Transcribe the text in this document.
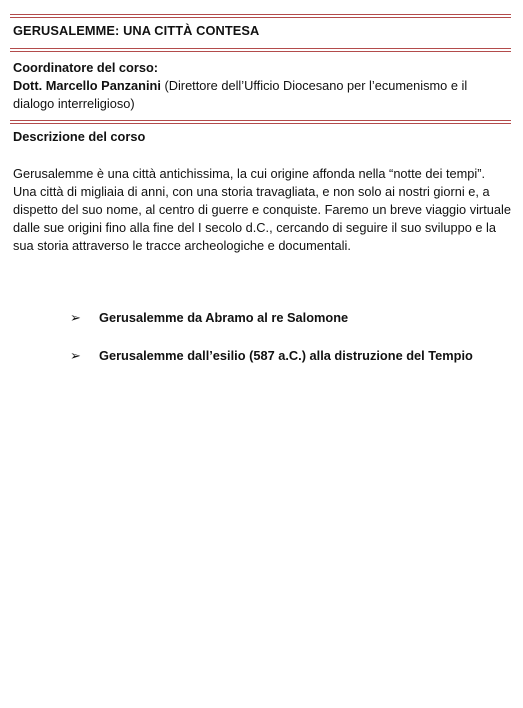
GERUSALEMME: UNA CITTÀ CONTESA
Coordinatore del corso:
Dott. Marcello Panzanini (Direttore dell’Ufficio Diocesano per l’ecumenismo e il dialogo interreligioso)
Descrizione del corso
Gerusalemme è una città antichissima, la cui origine affonda nella “notte dei tempi”. Una città di migliaia di anni, con una storia travagliata, e non solo ai nostri giorni e, a dispetto del suo nome, al centro di guerre e conquiste. Faremo un breve viaggio virtuale dalle sue origini fino alla fine del I secolo d.C., cercando di seguire il suo sviluppo e la sua storia attraverso le tracce archeologiche e documentali.
➢	Gerusalemme da Abramo al re Salomone
➢	Gerusalemme dall’esilio (587 a.C.) alla distruzione del Tempio
